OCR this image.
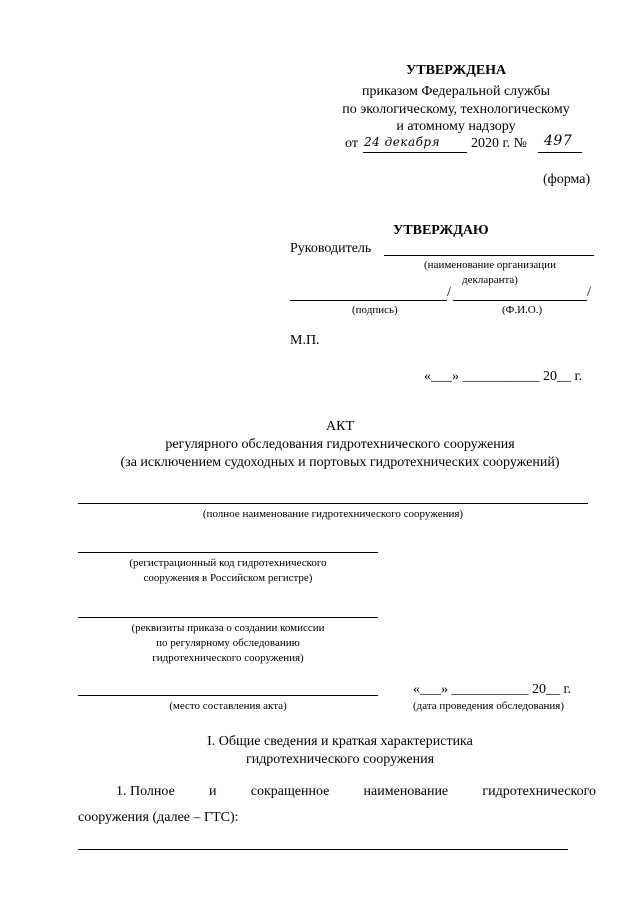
УТВЕРЖДЕНА
приказом Федеральной службы
по экологическому, технологическому
и атомному надзору
от 24 декабря 2020 г. № 497
(форма)
УТВЕРЖДАЮ
Руководитель
(наименование организации декларанта)
/	/
(подпись)	(Ф.И.О.)
М.П.
«___» ___________ 20__ г.
АКТ
регулярного обследования гидротехнического сооружения
(за исключением судоходных и портовых гидротехнических сооружений)
(полное наименование гидротехнического сооружения)
(регистрационный код гидротехнического
сооружения в Российском регистре)
(реквизиты приказа о создании комиссии
по регулярному обследованию
гидротехнического сооружения)
(место составления акта)
«___» ___________ 20__ г.
(дата проведения обследования)
I. Общие сведения и краткая характеристика
гидротехнического сооружения
1. Полное и сокращенное наименование гидротехнического
сооружения (далее – ГТС):
